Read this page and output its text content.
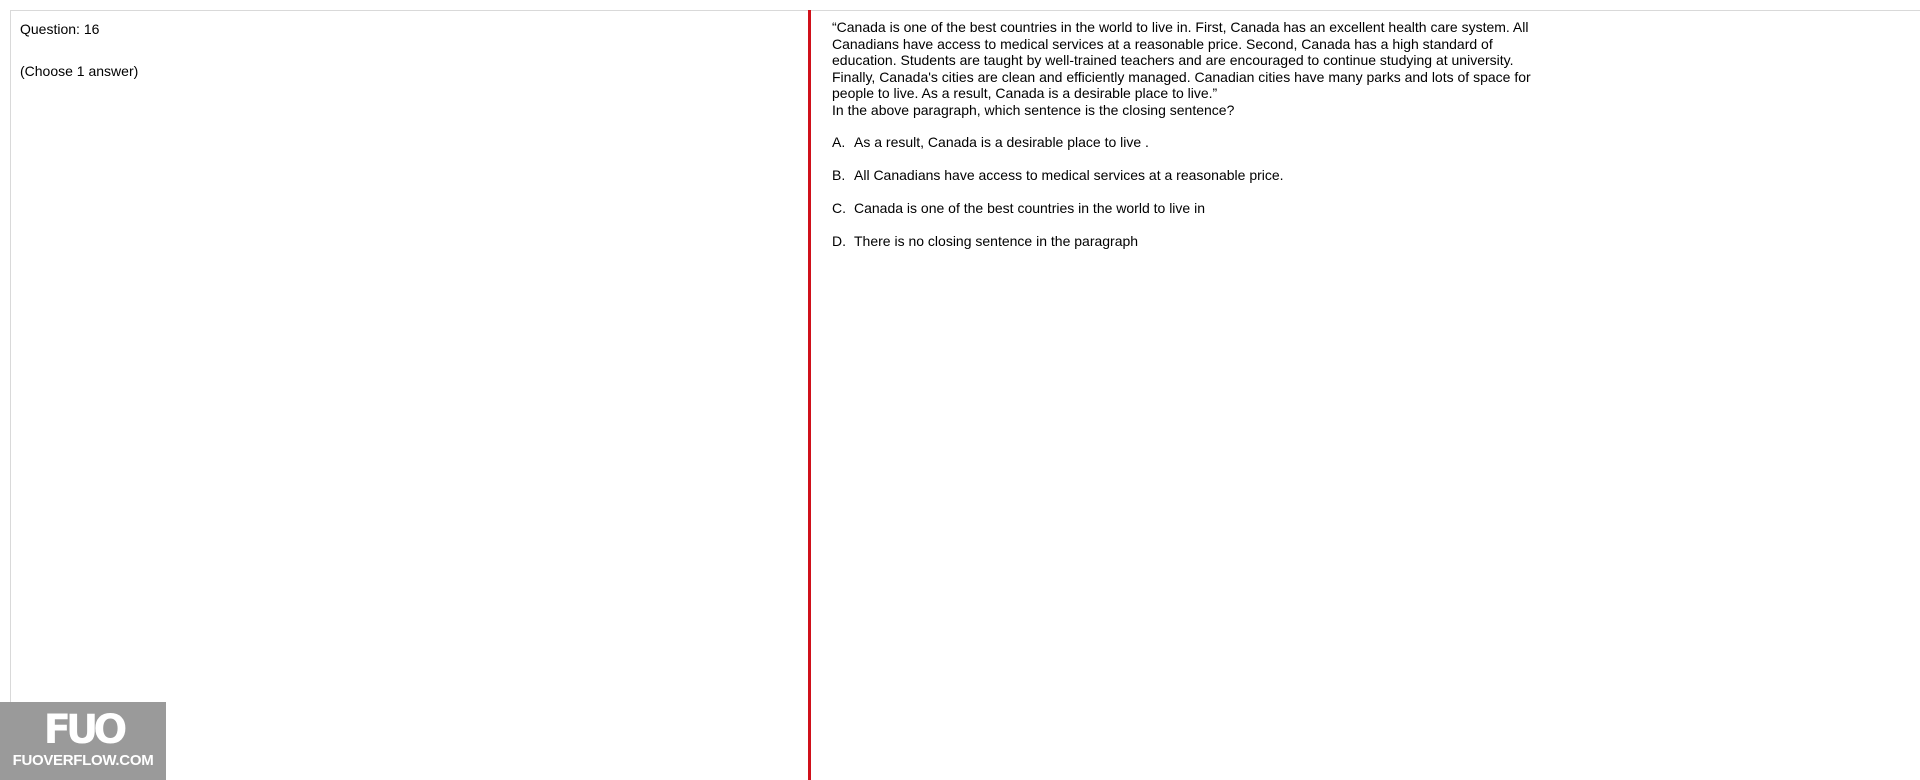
Question: 16

(Choose 1 answer)

“Canada is one of the best countries in the world to live in. First, Canada has an excellent health care system. All Canadians have access to medical services at a reasonable price. Second, Canada has a high standard of education. Students are taught by well-trained teachers and are encouraged to continue studying at university. Finally, Canada's cities are clean and efficiently managed. Canadian cities have many parks and lots of space for people to live. As a result, Canada is a desirable place to live.”

In the above paragraph, which sentence is the closing sentence?

A. As a result, Canada is a desirable place to live .
B. All Canadians have access to medical services at a reasonable price.
C. Canada is one of the best countries in the world to live in
D. There is no closing sentence in the paragraph
FUO
FUOVERFLOW.COM
